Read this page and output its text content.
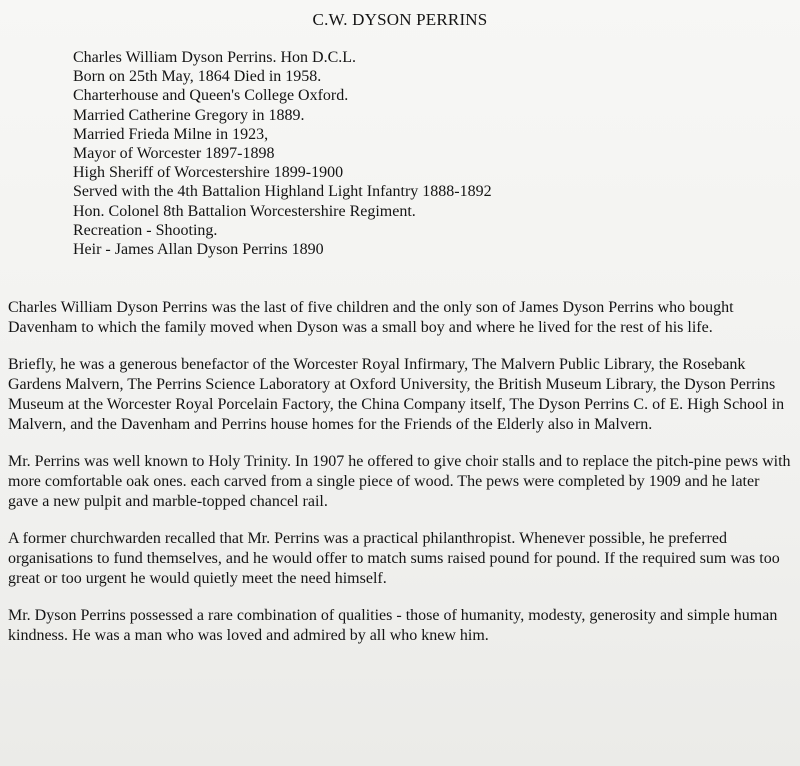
C.W. DYSON PERRINS
Charles William Dyson Perrins. Hon D.C.L.
Born on 25th May, 1864 Died in 1958.
Charterhouse and Queen's College Oxford.
Married Catherine Gregory in 1889.
Married Frieda Milne in 1923,
Mayor of Worcester 1897-1898
High Sheriff of Worcestershire 1899-1900
Served with the 4th Battalion Highland Light Infantry 1888-1892
Hon. Colonel 8th Battalion Worcestershire Regiment.
Recreation - Shooting.
Heir - James Allan Dyson Perrins 1890

Charles William Dyson Perrins was the last of five children and the only son of James Dyson Perrins who bought Davenham to which the family moved when Dyson was a small boy and where he lived for the rest of his life.

Briefly, he was a generous benefactor of the Worcester Royal Infirmary, The Malvern Public Library, the Rosebank Gardens Malvern, The Perrins Science Laboratory at Oxford University, the British Museum Library, the Dyson Perrins Museum at the Worcester Royal Porcelain Factory, the China Company itself, The Dyson Perrins C. of E. High School in Malvern, and the Davenham and Perrins house homes for the Friends of the Elderly also in Malvern.

Mr. Perrins was well known to Holy Trinity. In 1907 he offered to give choir stalls and to replace the pitch-pine pews with more comfortable oak ones. each carved from a single piece of wood. The pews were completed by 1909 and he later gave a new pulpit and marble-topped chancel rail.

A former churchwarden recalled that Mr. Perrins was a practical philanthropist. Whenever possible, he preferred organisations to fund themselves, and he would offer to match sums raised pound for pound. If the required sum was too great or too urgent he would quietly meet the need himself.

Mr. Dyson Perrins possessed a rare combination of qualities - those of humanity, modesty, generosity and simple human kindness. He was a man who was loved and admired by all who knew him.
